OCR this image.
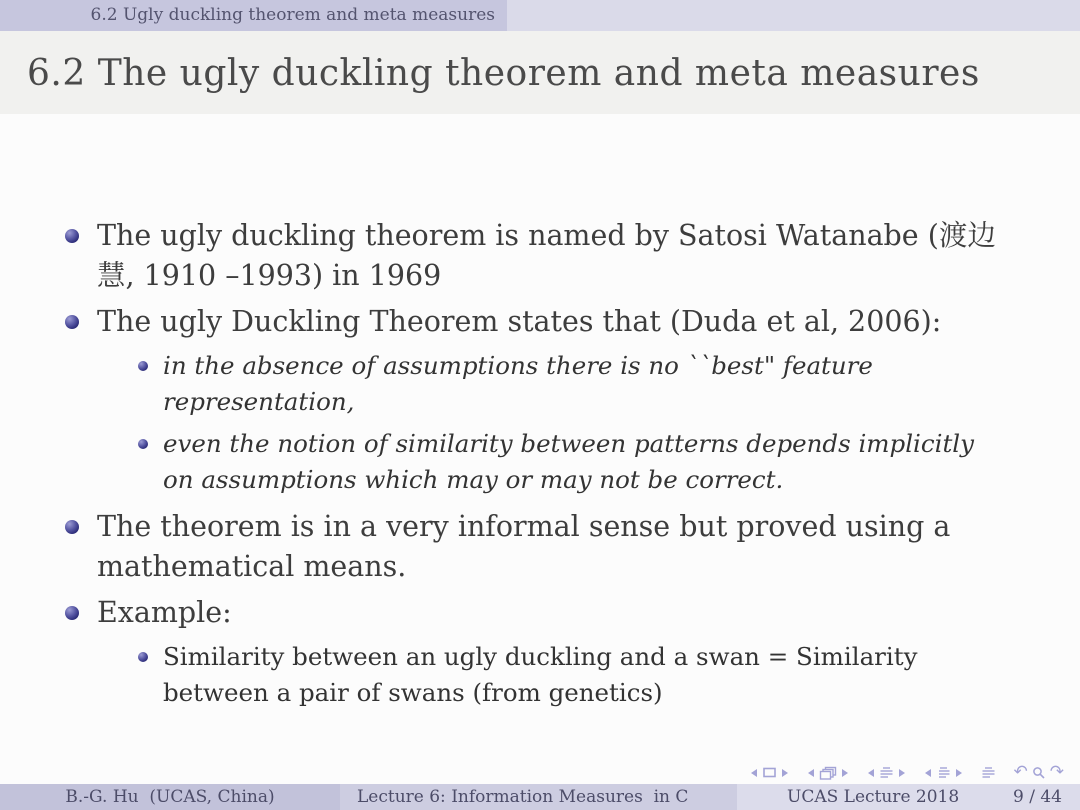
6.2 Ugly duckling theorem and meta measures
6.2 The ugly duckling theorem and meta measures
The ugly duckling theorem is named by Satosi Watanabe (渡边慧, 1910 –1993) in 1969
The ugly Duckling Theorem states that (Duda et al, 2006):
in the absence of assumptions there is no ``best" feature representation,
even the notion of similarity between patterns depends implicitly on assumptions which may or may not be correct.
The theorem is in a very informal sense but proved using a mathematical means.
Example:
Similarity between an ugly duckling and a swan = Similarity between a pair of swans (from genetics)
↶ ↷
B.-G. Hu  (UCAS, China)	Lecture 6: Information Measures  in C	UCAS Lecture 2018	9 / 44
